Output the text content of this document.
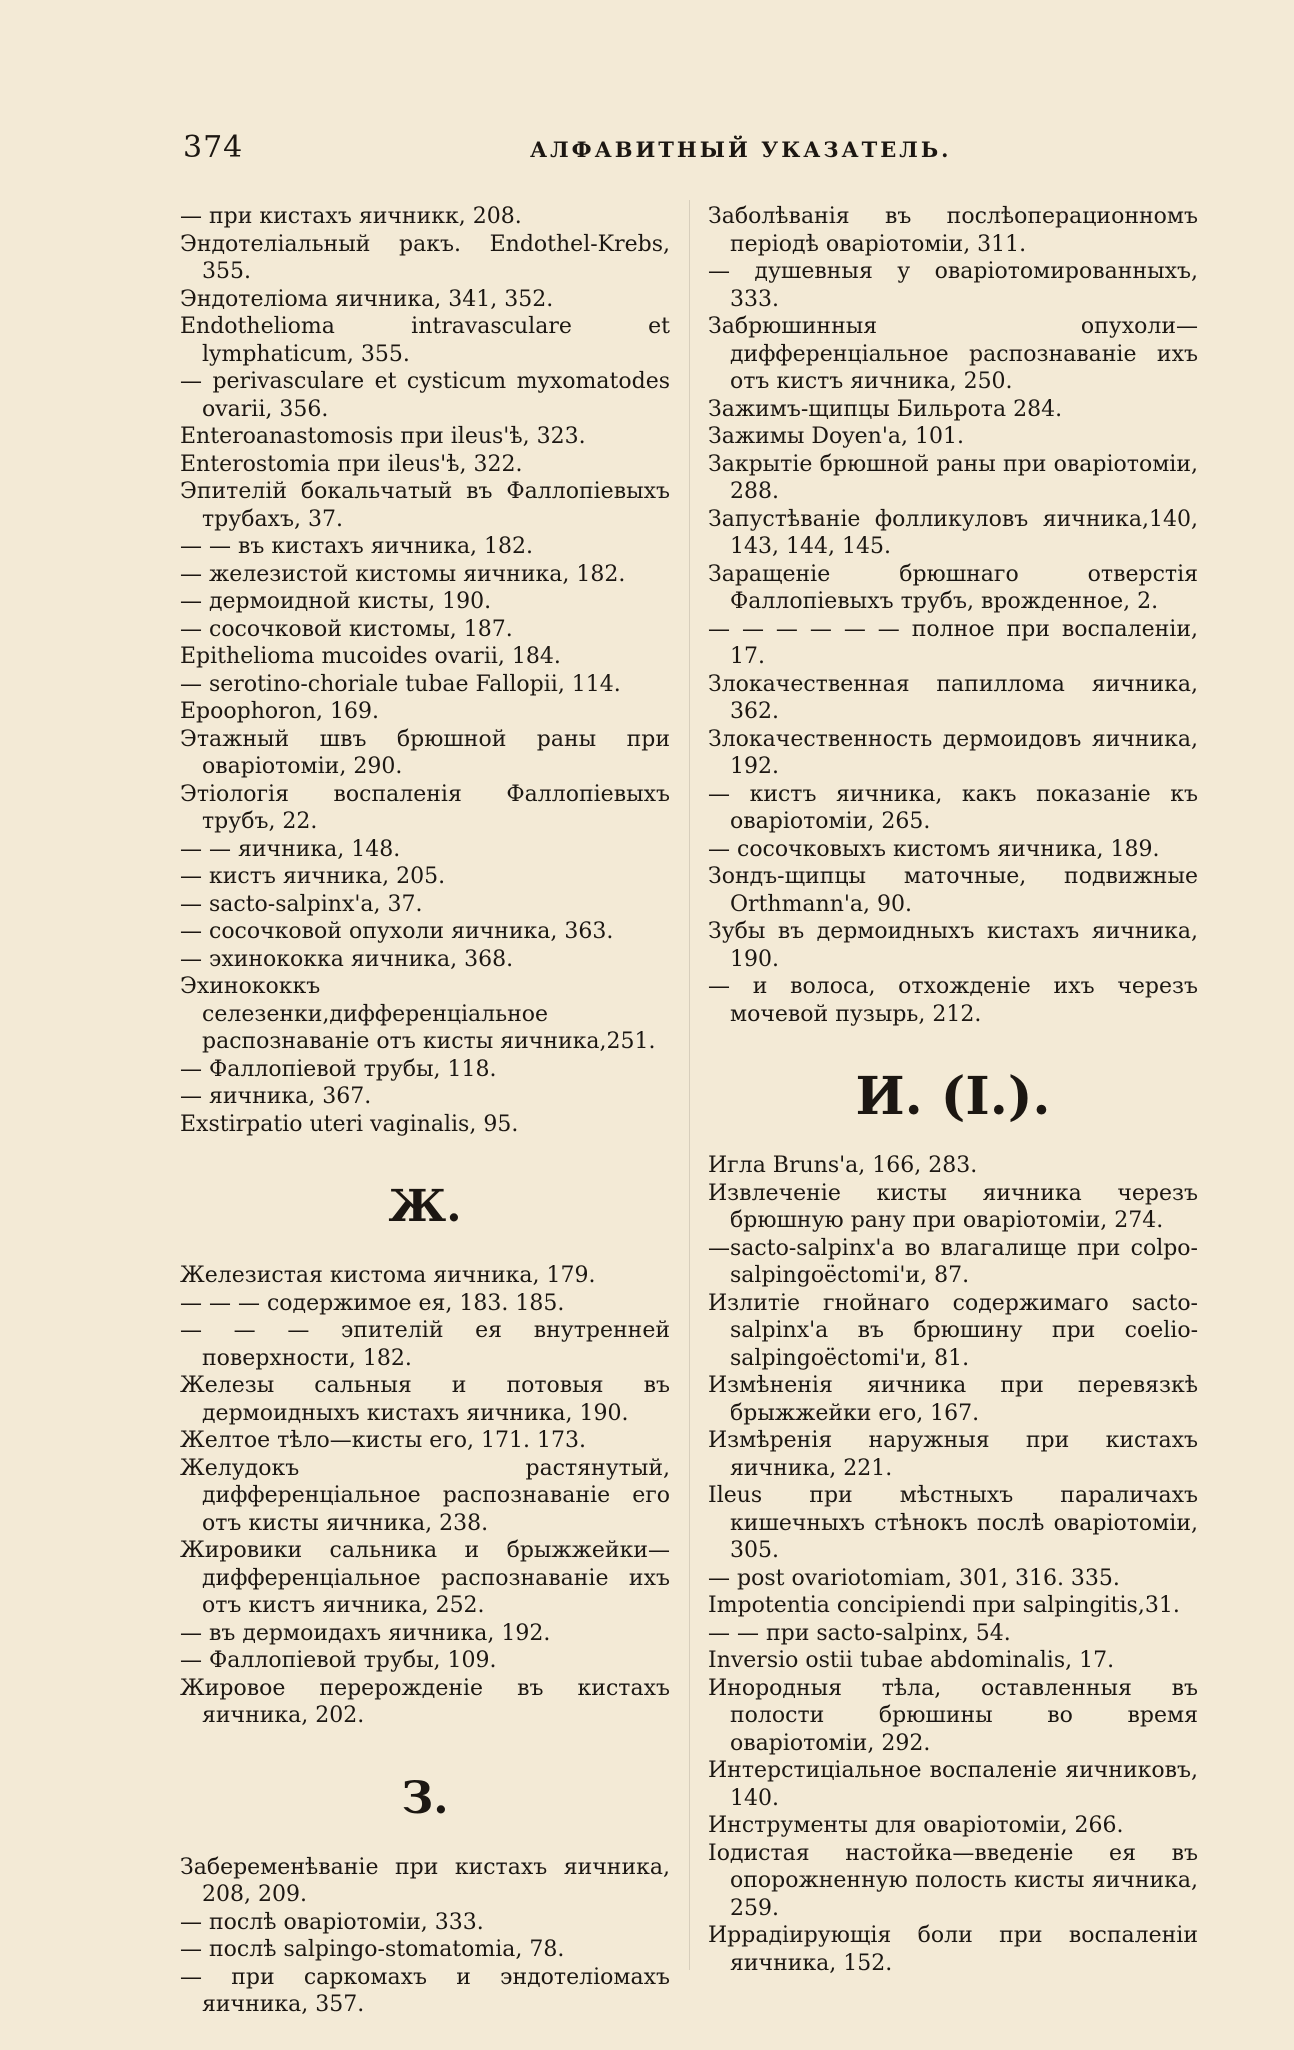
374	АЛФАВИТНЫЙ УКАЗАТЕЛЬ.
— при кистахъ яичникк, 208.
Эндотеліальный ракъ. Endothel-Krebs, 355.
Эндотеліома яичника, 341, 352.
Endothelioma intravasculare et lymphaticum, 355.
— perivasculare et cysticum myxomatodes ovarii, 356.
Enteroanastomosis при ileus'ѣ, 323.
Enterostomia при ileus'ѣ, 322.
Эпителій бокальчатый въ Фаллопіевыхъ трубахъ, 37.
— — въ кистахъ яичника, 182.
— железистой кистомы яичника, 182.
— дермоидной кисты, 190.
— сосочковой кистомы, 187.
Epithelioma mucoides ovarii, 184.
— serotino-choriale tubae Fallopii, 114.
Epoophoron, 169.
Этажный швъ брюшной раны при оваріотоміи, 290.
Этіологія воспаленія Фаллопіевыхъ трубъ, 22.
— — яичника, 148.
— кистъ яичника, 205.
— sacto-salpinx'а, 37.
— сосочковой опухоли яичника, 363.
— эхинококка яичника, 368.
Эхинококкъ селезенки,дифференціальное распознаваніе отъ кисты яичника,251.
— Фаллопіевой трубы, 118.
— яичника, 367.
Exstirpatio uteri vaginalis, 95.
Ж.
Железистая кистома яичника, 179.
— — — содержимое ея, 183. 185.
— — — эпителій ея внутренней поверхности, 182.
Железы сальныя и потовыя въ дермоидныхъ кистахъ яичника, 190.
Желтое тѣло—кисты его, 171. 173.
Желудокъ растянутый, дифференціальное распознаваніе его отъ кисты яичника, 238.
Жировики сальника и брыжжейки—дифференціальное распознаваніе ихъ отъ кистъ яичника, 252.
— въ дермоидахъ яичника, 192.
— Фаллопіевой трубы, 109.
Жировое перерожденіе въ кистахъ яичника, 202.
З.
Забеременѣваніе при кистахъ яичника, 208, 209.
— послѣ оваріотоміи, 333.
— послѣ salpingo-stomatomia, 78.
— при саркомахъ и эндотеліомахъ яичника, 357.
Заболѣванія въ послѣоперационномъ періодѣ оваріотоміи, 311.
— душевныя у оваріотомированныхъ, 333.
Забрюшинныя опухоли—дифференціальное распознаваніе ихъ отъ кистъ яичника, 250.
Зажимъ-щипцы Бильрота 284.
Зажимы Doyen'а, 101.
Закрытіе брюшной раны при оваріотоміи, 288.
Запустѣваніе фолликуловъ яичника,140, 143, 144, 145.
Заращеніе брюшнаго отверстія Фаллопіевыхъ трубъ, врожденное, 2.
— — — — — — полное при воспаленіи, 17.
Злокачественная папиллома яичника, 362.
Злокачественность дермоидовъ яичника, 192.
— кистъ яичника, какъ показаніе къ оваріотоміи, 265.
— сосочковыхъ кистомъ яичника, 189.
Зондъ-щипцы маточные, подвижные Orthmann'а, 90.
Зубы въ дермоидныхъ кистахъ яичника, 190.
— и волоса, отхожденіе ихъ черезъ мочевой пузырь, 212.
И. (I.).
Игла Bruns'а, 166, 283.
Извлеченіе кисты яичника черезъ брюшную рану при оваріотоміи, 274.
—sacto-salpinx'а во влагалище при colpo-salpingoëctomi'и, 87.
Излитіе гнойнаго содержимаго sacto-salpinx'а въ брюшину при coelio-salpingoëctomi'и, 81.
Измѣненія яичника при перевязкѣ брыжжейки его, 167.
Измѣренія наружныя при кистахъ яичника, 221.
Ileus при мѣстныхъ параличахъ кишечныхъ стѣнокъ послѣ оваріотоміи, 305.
— post ovariotomiam, 301, 316. 335.
Impotentia concipiendi при salpingitis,31.
— — при sacto-salpinx, 54.
Inversio ostii tubae abdominalis, 17.
Инородныя тѣла, оставленныя въ полости брюшины во время оваріотоміи, 292.
Интерстиціальное воспаленіе яичниковъ, 140.
Инструменты для оваріотоміи, 266.
Іодистая настойка—введеніе ея въ опорожненную полость кисты яичника, 259.
Иррадіирующія боли при воспаленіи яичника, 152.
